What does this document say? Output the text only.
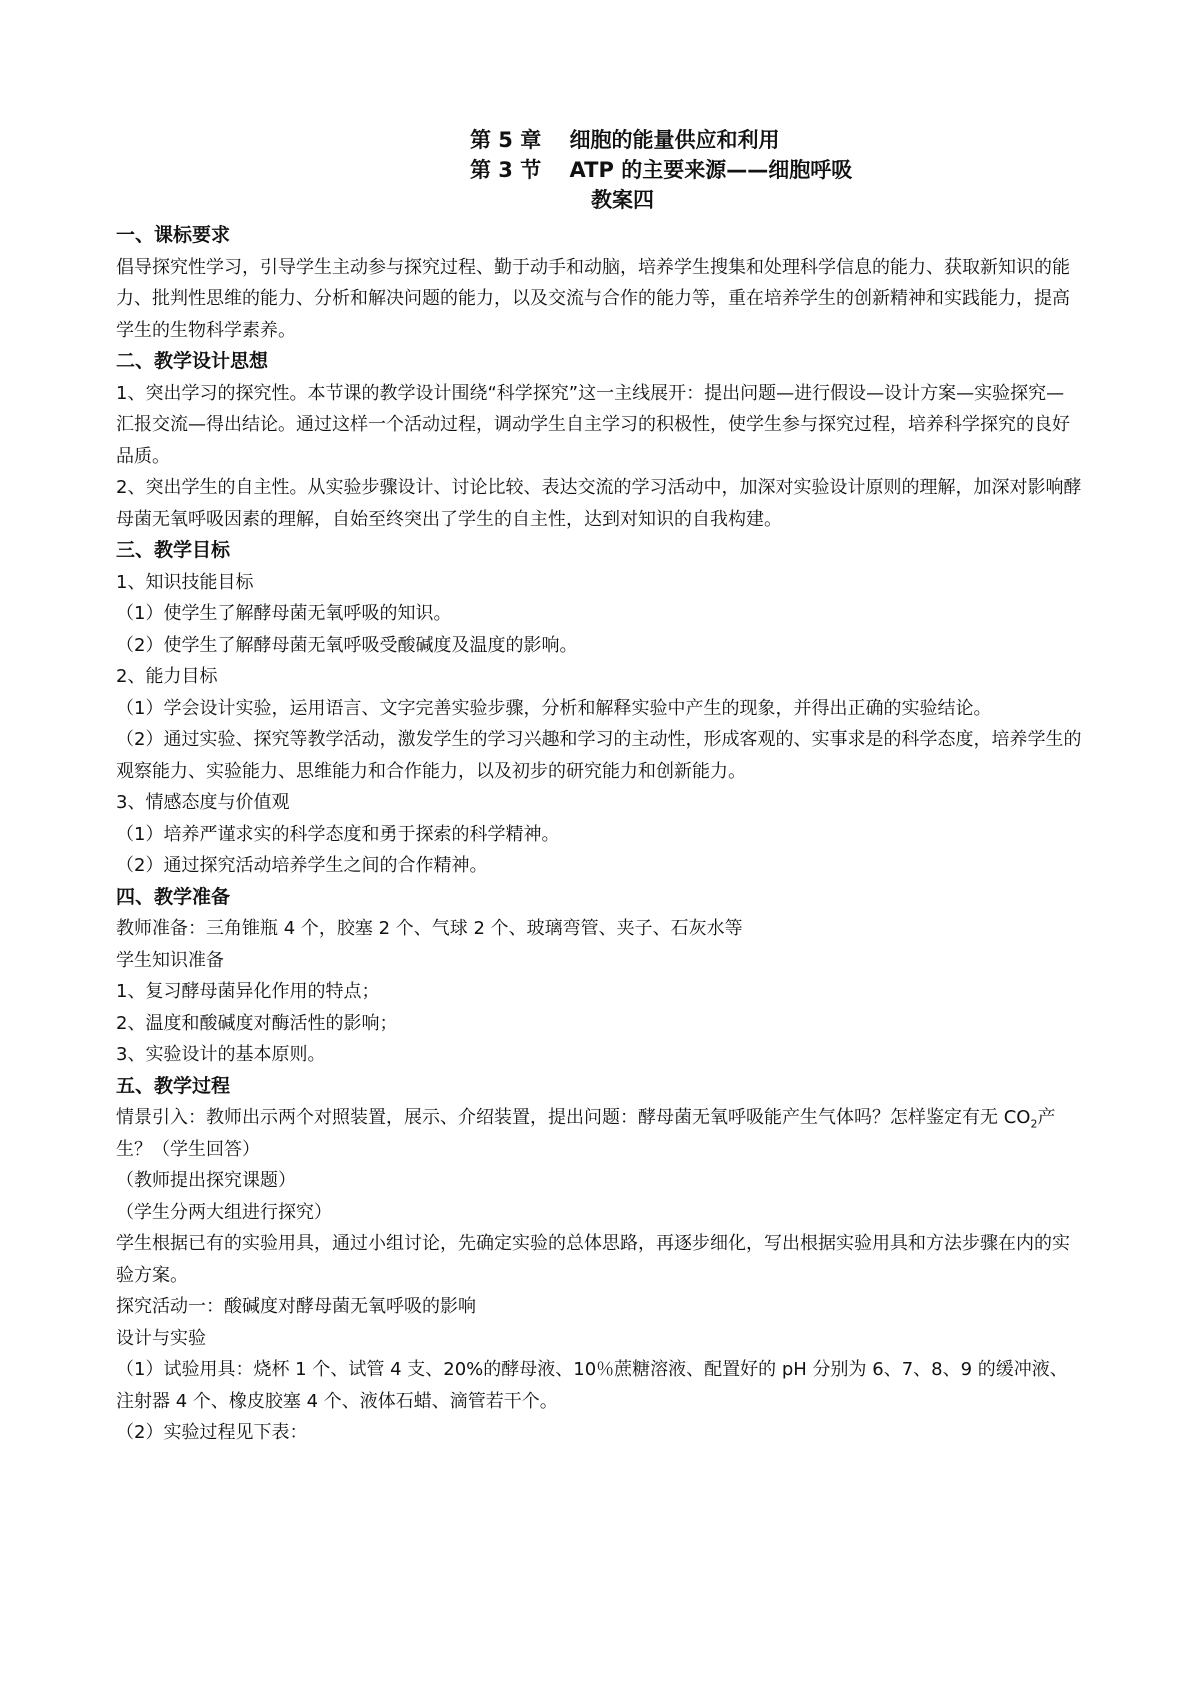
第 5 章　 细胞的能量供应和利用
第 3 节　 ATP 的主要来源——细胞呼吸
教案四

一、课标要求

倡导探究性学习，引导学生主动参与探究过程、勤于动手和动脑，培养学生搜集和处理科学信息的能力、获取新知识的能力、批判性思维的能力、分析和解决问题的能力，以及交流与合作的能力等，重在培养学生的创新精神和实践能力，提高学生的生物科学素养。

二、教学设计思想

1、突出学习的探究性。本节课的教学设计围绕“科学探究”这一主线展开：提出问题—进行假设—设计方案—实验探究—汇报交流—得出结论。通过这样一个活动过程，调动学生自主学习的积极性，使学生参与探究过程，培养科学探究的良好品质。

2、突出学生的自主性。从实验步骤设计、讨论比较、表达交流的学习活动中，加深对实验设计原则的理解，加深对影响酵母菌无氧呼吸因素的理解，自始至终突出了学生的自主性，达到对知识的自我构建。

三、教学目标

1、知识技能目标

（1）使学生了解酵母菌无氧呼吸的知识。

（2）使学生了解酵母菌无氧呼吸受酸碱度及温度的影响。

2、能力目标

（1）学会设计实验，运用语言、文字完善实验步骤，分析和解释实验中产生的现象，并得出正确的实验结论。

（2）通过实验、探究等教学活动，激发学生的学习兴趣和学习的主动性，形成客观的、实事求是的科学态度，培养学生的观察能力、实验能力、思维能力和合作能力，以及初步的研究能力和创新能力。

3、情感态度与价值观

（1）培养严谨求实的科学态度和勇于探索的科学精神。

（2）通过探究活动培养学生之间的合作精神。

四、教学准备

教师准备：三角锥瓶 4 个，胶塞 2 个、气球 2 个、玻璃弯管、夹子、石灰水等

学生知识准备

1、复习酵母菌异化作用的特点；

2、温度和酸碱度对酶活性的影响；

3、实验设计的基本原则。

五、教学过程

情景引入：教师出示两个对照装置，展示、介绍装置，提出问题：酵母菌无氧呼吸能产生气体吗？怎样鉴定有无 $CO_2$产生？（学生回答）

（教师提出探究课题）

（学生分两大组进行探究）

学生根据已有的实验用具，通过小组讨论，先确定实验的总体思路，再逐步细化，写出根据实验用具和方法步骤在内的实验方案。

探究活动一：酸碱度对酵母菌无氧呼吸的影响

设计与实验

（1）试验用具：烧杯 1 个、试管 4 支、20%的酵母液、10％蔗糖溶液、配置好的 pH 分别为 6、7、8、9 的缓冲液、注射器 4 个、橡皮胶塞 4 个、液体石蜡、滴管若干个。

（2）实验过程见下表：
